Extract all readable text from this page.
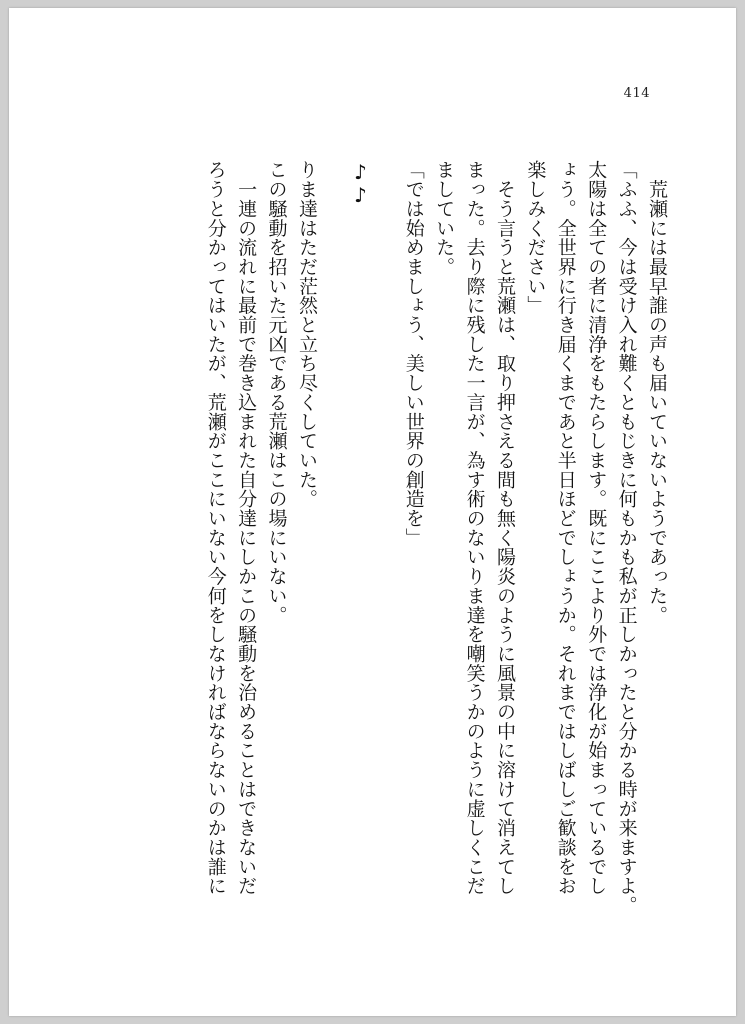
414
　荒瀬には最早誰の声も届いていないようであった。
「ふふ、今は受け入れ難くともじきに何もかも私が正しかったと分かる時が来ますよ。
太陽は全ての者に清浄をもたらします。既にここより外では浄化が始まっているでし
ょう。全世界に行き届くまであと半日ほどでしょうか。それまではしばしご歓談をお
楽しみください」
　そう言うと荒瀬は、取り押さえる間も無く陽炎のように風景の中に溶けて消えてし
まった。去り際に残した一言が、為す術のないりま達を嘲笑うかのように虚しくこだ
ましていた。
「では始めましょう、美しい世界の創造を」
♪♪
りま達はただ茫然と立ち尽くしていた。
この騒動を招いた元凶である荒瀬はこの場にいない。
　一連の流れに最前で巻き込まれた自分達にしかこの騒動を治めることはできないだ
ろうと分かってはいたが、荒瀬がここにいない今何をしなければならないのかは誰に
